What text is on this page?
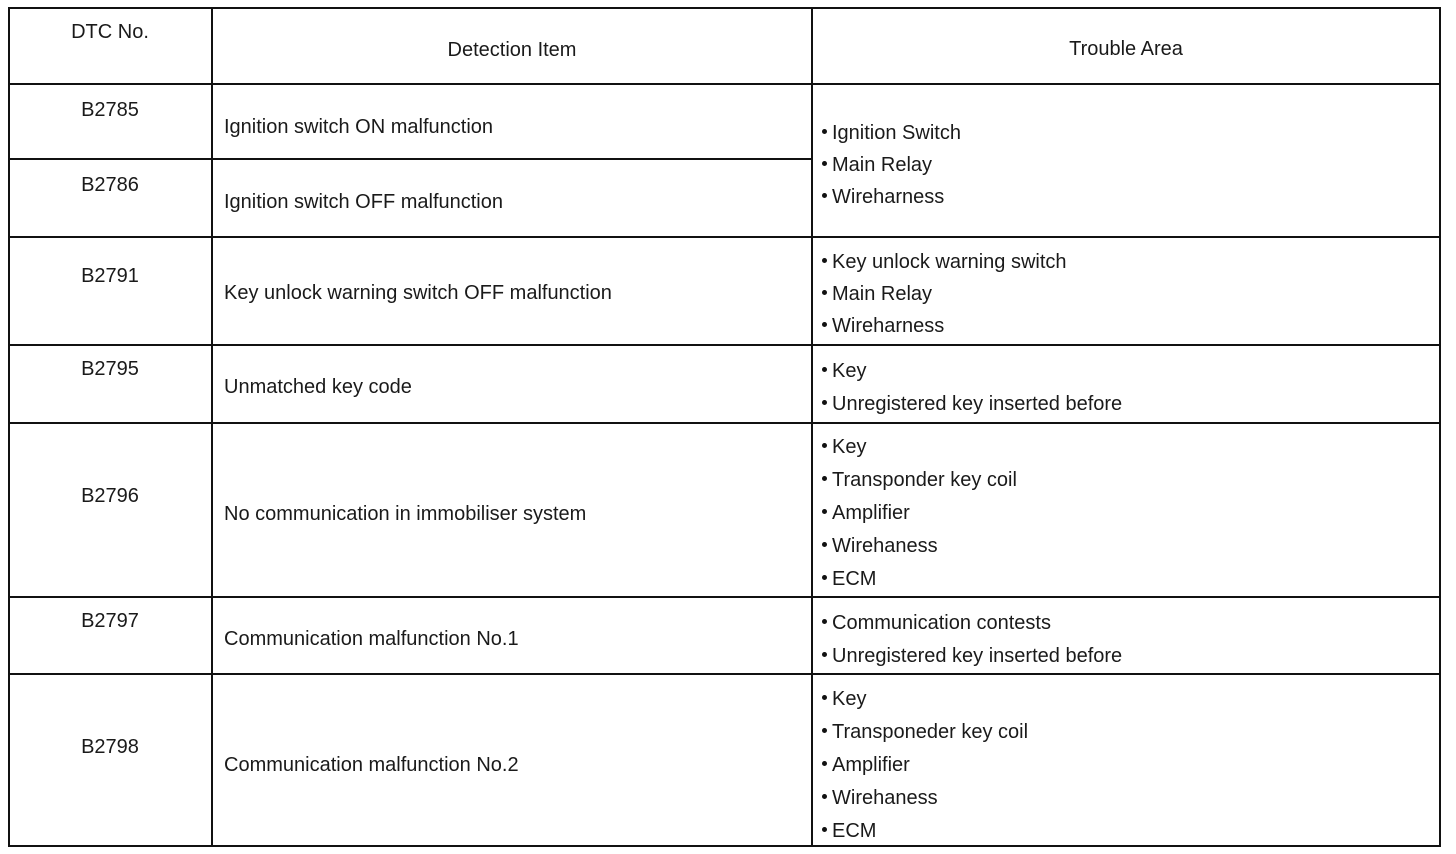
DTC No.
Detection Item	Trouble Area
B2785
B2786
B2791
B2795
B2796
B2797
B2798
Ignition switch ON malfunction
Ignition switch OFF malfunction
Key unlock warning switch OFF malfunction
Unmatched key code
No communication in immobiliser system
Communication malfunction No.1
Communication malfunction No.2
Ignition Switch
Main Relay
Wireharness
Key unlock warning switch
Main Relay
Wireharness
Key
Unregistered key inserted before
Key
Transponder key coil
Amplifier
Wirehaness
ECM
Communication contests
Unregistered key inserted before
Key
Transponeder key coil
Amplifier
Wirehaness
ECM
